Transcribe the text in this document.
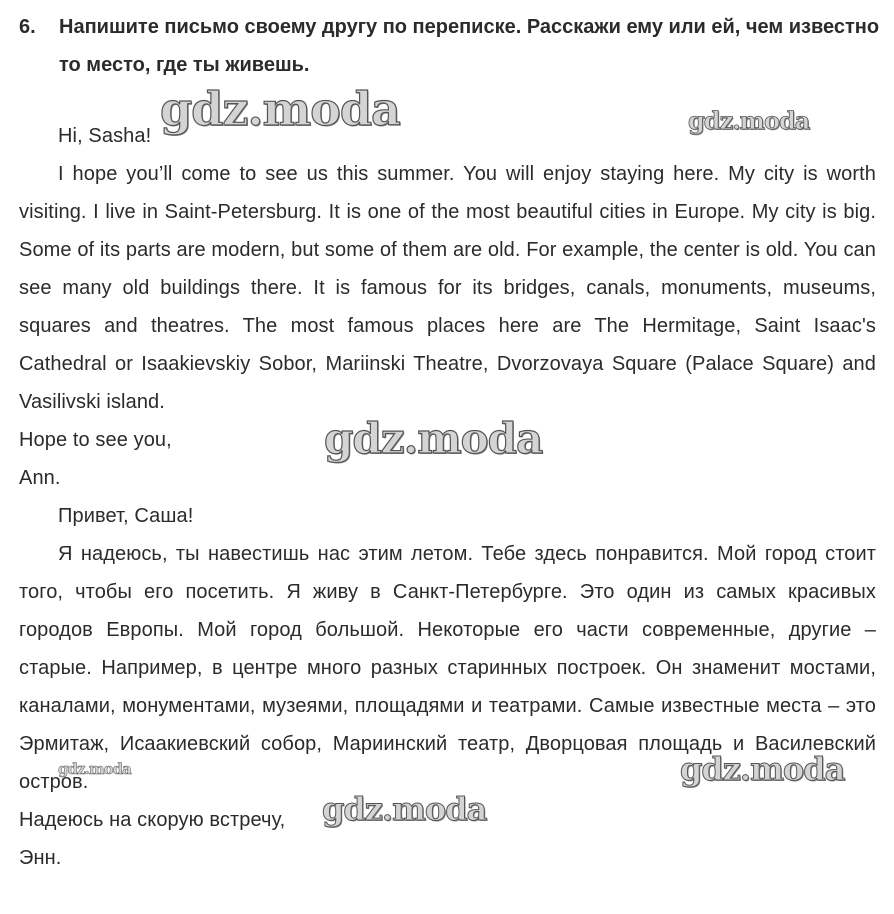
6. Напишите письмо своему другу по переписке. Расскажи ему или ей, чем известно то место, где ты живешь.

Hi, Sasha!

I hope you’ll come to see us this summer. You will enjoy staying here. My city is worth visiting. I live in Saint-Petersburg. It is one of the most beautiful cities in Europe. My city is big. Some of its parts are modern, but some of them are old. For example, the center is old. You can see many old buildings there. It is famous for its bridges, canals, monuments, museums, squares and theatres. The most famous places here are The Hermitage, Saint Isaac's Cathedral or Isaakievskiy Sobor, Mariinski Theatre, Dvorzovaya Square (Palace Square) and Vasilivski island.

Hope to see you,

Ann.

Привет, Саша!

Я надеюсь, ты навестишь нас этим летом. Тебе здесь понравится. Мой город стоит того, чтобы его посетить. Я живу в Санкт-Петербурге. Это один из самых красивых городов Европы. Мой город большой. Некоторые его части современные, другие – старые. Например, в центре много разных старинных построек. Он знаменит мостами, каналами, монументами, музеями, площадями и театрами. Самые известные места – это Эрмитаж, Исаакиевский собор, Мариинский театр, Дворцовая площадь и Василевский остров.

Надеюсь на скорую встречу,

Энн.

gdz.moda	gdz.moda
gdz.moda
gdz.moda	gdz.moda
gdz.moda
